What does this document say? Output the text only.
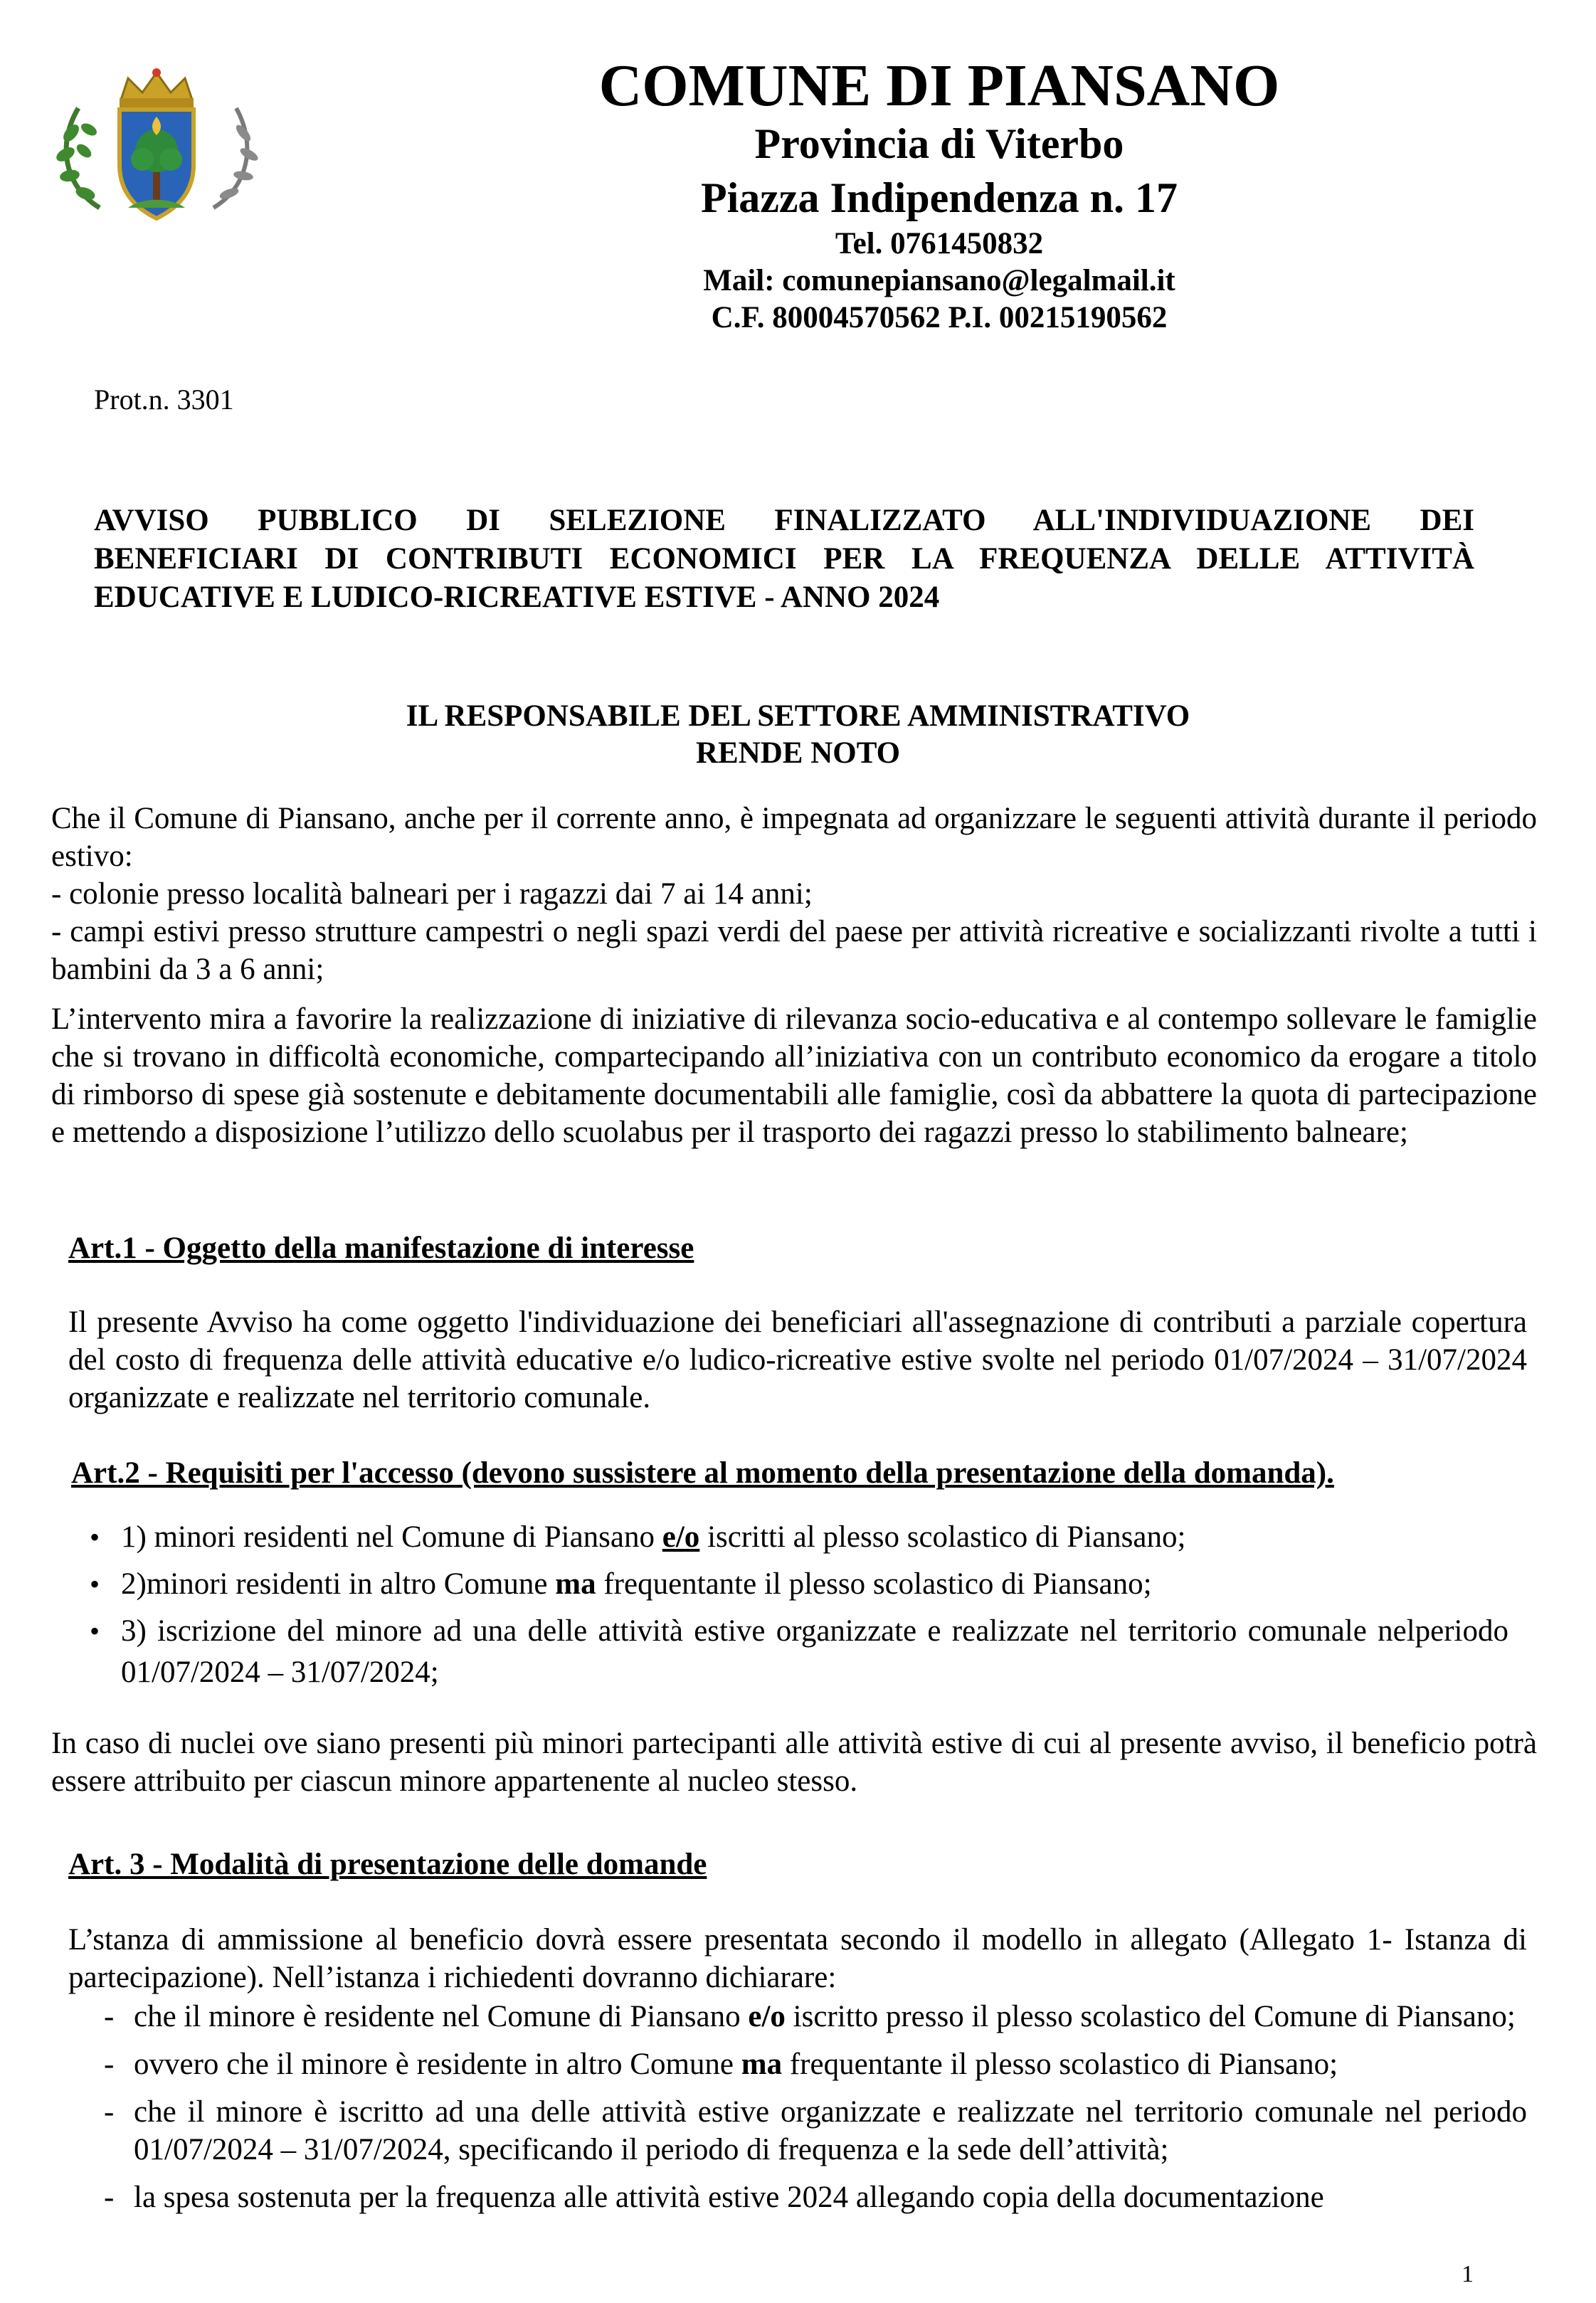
COMUNE DI PIANSANO
Provincia di Viterbo
Piazza Indipendenza n. 17
Tel. 0761450832
Mail: comunepiansano@legalmail.it
C.F. 80004570562 P.I. 00215190562
Prot.n. 3301
AVVISO PUBBLICO DI SELEZIONE FINALIZZATO ALL'INDIVIDUAZIONE DEI
BENEFICIARI DI CONTRIBUTI ECONOMICI PER LA FREQUENZA DELLE ATTIVITÀ EDUCATIVE E LUDICO-RICREATIVE ESTIVE - ANNO 2024
IL RESPONSABILE DEL SETTORE AMMINISTRATIVO
RENDE NOTO
Che il Comune di Piansano, anche per il corrente anno, è impegnata ad organizzare le seguenti attività durante il periodo estivo:
- colonie presso località balneari per i ragazzi dai 7 ai 14 anni;
- campi estivi presso strutture campestri o negli spazi verdi del paese per attività ricreative e socializzanti rivolte a tutti i bambini da 3 a 6 anni;
L’intervento mira a favorire la realizzazione di iniziative di rilevanza socio-educativa e al contempo sollevare le famiglie che si trovano in difficoltà economiche, compartecipando all’iniziativa con un contributo economico da erogare a titolo di rimborso di spese già sostenute e debitamente documentabili alle famiglie, così da abbattere la quota di partecipazione e mettendo a disposizione l’utilizzo dello scuolabus per il trasporto dei ragazzi presso lo stabilimento balneare;
Art.1 - Oggetto della manifestazione di interesse
Il presente Avviso ha come oggetto l'individuazione dei beneficiari all'assegnazione di contributi a parziale copertura del costo di frequenza delle attività educative e/o ludico-ricreative estive svolte nel periodo 01/07/2024 – 31/07/2024 organizzate e realizzate nel territorio comunale.
Art.2 - Requisiti per l'accesso (devono sussistere al momento della presentazione della domanda).
• 1) minori residenti nel Comune di Piansano e/o iscritti al plesso scolastico di Piansano;
• 2)minori residenti in altro Comune ma frequentante il plesso scolastico di Piansano;
• 3) iscrizione del minore ad una delle attività estive organizzate e realizzate nel territorio comunale nelperiodo 01/07/2024 – 31/07/2024;
In caso di nuclei ove siano presenti più minori partecipanti alle attività estive di cui al presente avviso, il beneficio potrà essere attribuito per ciascun minore appartenente al nucleo stesso.
Art. 3 - Modalità di presentazione delle domande
L’stanza di ammissione al beneficio dovrà essere presentata secondo il modello in allegato (Allegato 1- Istanza di partecipazione). Nell’istanza i richiedenti dovranno dichiarare:
- che il minore è residente nel Comune di Piansano e/o iscritto presso il plesso scolastico del Comune di Piansano;
- ovvero che il minore è residente in altro Comune ma frequentante il plesso scolastico di Piansano;
- che il minore è iscritto ad una delle attività estive organizzate e realizzate nel territorio comunale nel periodo 01/07/2024 – 31/07/2024, specificando il periodo di frequenza e la sede dell’attività;
- la spesa sostenuta per la frequenza alle attività estive 2024 allegando copia della documentazione
1
